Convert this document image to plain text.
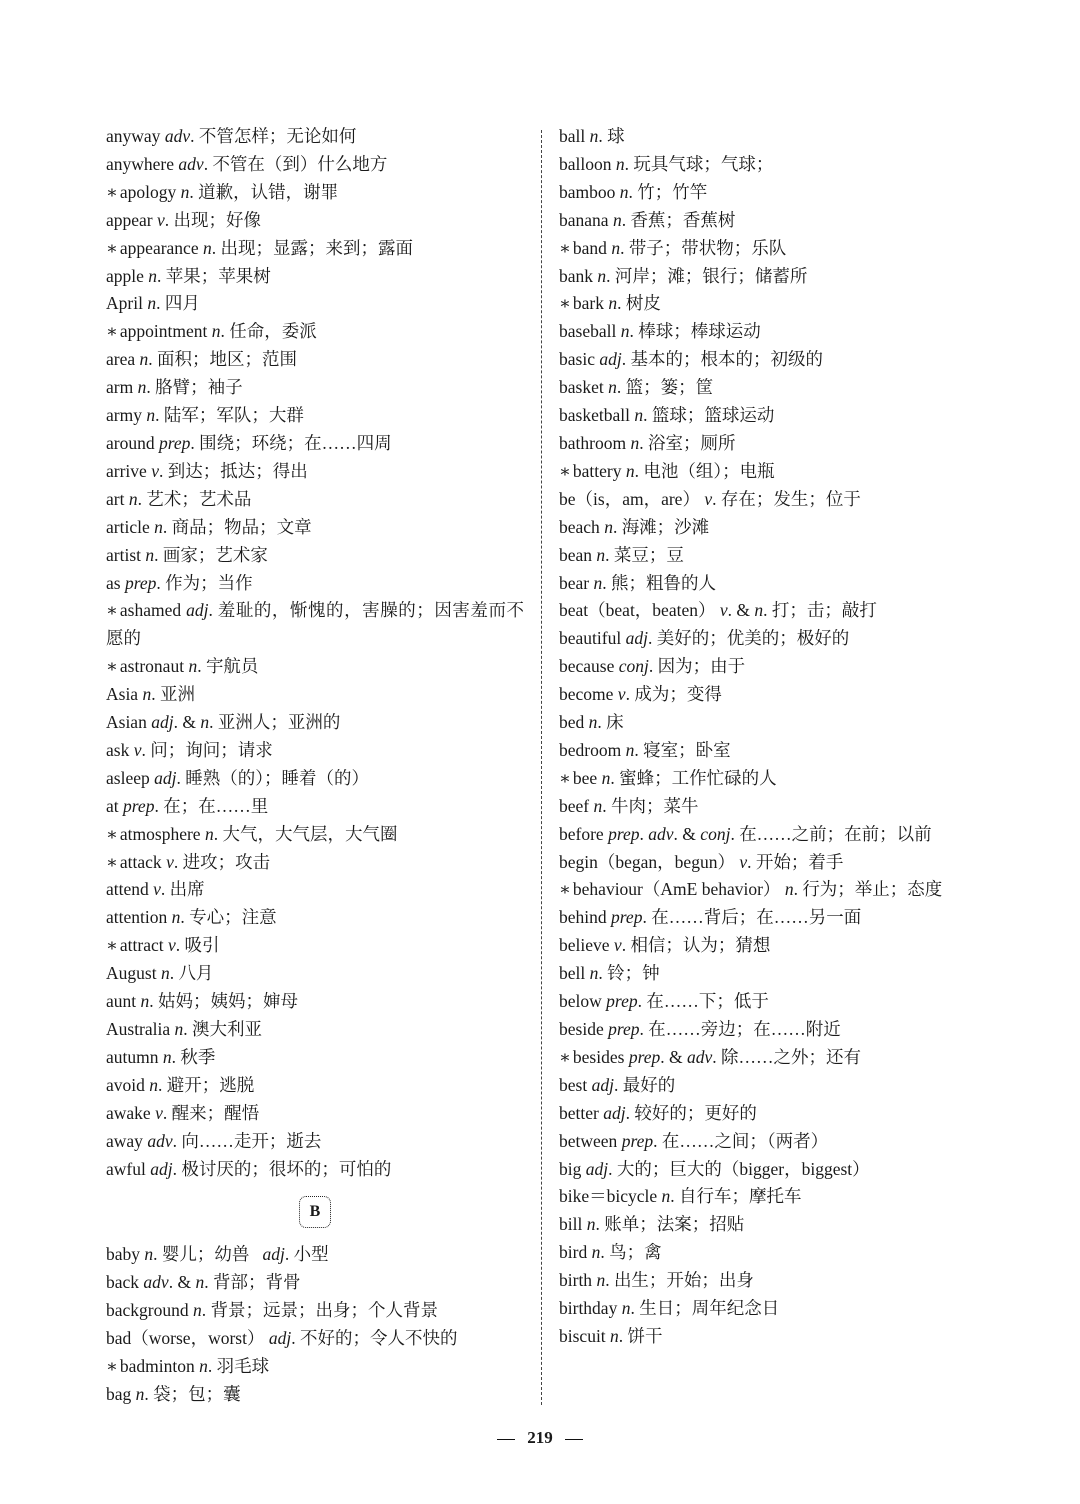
anyway adv. 不管怎样；无论如何
anywhere adv. 不管在（到）什么地方
∗ apology n. 道歉，认错，谢罪
appear v. 出现；好像
∗ appearance n. 出现；显露；来到；露面
apple n. 苹果；苹果树
April n. 四月
∗ appointment n. 任命，委派
area n. 面积；地区；范围
arm n. 胳臂；袖子
army n. 陆军；军队；大群
around prep. 围绕；环绕；在……四周
arrive v. 到达；抵达；得出
art n. 艺术；艺术品
article n. 商品；物品；文章
artist n. 画家；艺术家
as prep. 作为；当作
∗ ashamed adj. 羞耻的，惭愧的，害臊的；因害羞而不愿的
∗ astronaut n. 宇航员
Asia n. 亚洲
Asian adj. & n. 亚洲人；亚洲的
ask v. 问；询问；请求
asleep adj. 睡熟（的）；睡着（的）
at prep. 在；在……里
∗ atmosphere n. 大气，大气层，大气圈
∗ attack v. 进攻；攻击
attend v. 出席
attention n. 专心；注意
∗ attract v. 吸引
August n. 八月
aunt n. 姑妈；姨妈；婶母
Australia n. 澳大利亚
autumn n. 秋季
avoid n. 避开；逃脱
awake v. 醒来；醒悟
away adv. 向……走开；逝去
awful adj. 极讨厌的；很坏的；可怕的
B
baby n. 婴儿；幼兽 adj. 小型
back adv. & n. 背部；背骨
background n. 背景；远景；出身；个人背景
bad（worse，worst） adj. 不好的；令人不快的
∗ badminton n. 羽毛球
bag n. 袋；包；囊
ball n. 球
balloon n. 玩具气球；气球；
bamboo n. 竹；竹竿
banana n. 香蕉；香蕉树
∗ band n. 带子；带状物；乐队
bank n. 河岸；滩；银行；储蓄所
∗ bark n. 树皮
baseball n. 棒球；棒球运动
basic adj. 基本的；根本的；初级的
basket n. 篮；篓；筐
basketball n. 篮球；篮球运动
bathroom n. 浴室；厕所
∗ battery n. 电池（组）；电瓶
be（is，am，are） v. 存在；发生；位于
beach n. 海滩；沙滩
bean n. 菜豆；豆
bear n. 熊；粗鲁的人
beat（beat，beaten） v. & n. 打；击；敲打
beautiful adj. 美好的；优美的；极好的
because conj. 因为；由于
become v. 成为；变得
bed n. 床
bedroom n. 寝室；卧室
∗ bee n. 蜜蜂；工作忙碌的人
beef n. 牛肉；菜牛
before prep. adv. & conj. 在……之前；在前；以前
begin（began，begun） v. 开始；着手
∗ behaviour（AmE behavior） n. 行为；举止；态度
behind prep. 在……背后；在……另一面
believe v. 相信；认为；猜想
bell n. 铃；钟
below prep. 在……下；低于
beside prep. 在……旁边；在……附近
∗ besides prep. & adv. 除……之外；还有
best adj. 最好的
better adj. 较好的；更好的
between prep. 在……之间；（两者）
big adj. 大的；巨大的（bigger，biggest）
bike＝bicycle n. 自行车；摩托车
bill n. 账单；法案；招贴
bird n. 鸟；禽
birth n. 出生；开始；出身
birthday n. 生日；周年纪念日
biscuit n. 饼干
219
